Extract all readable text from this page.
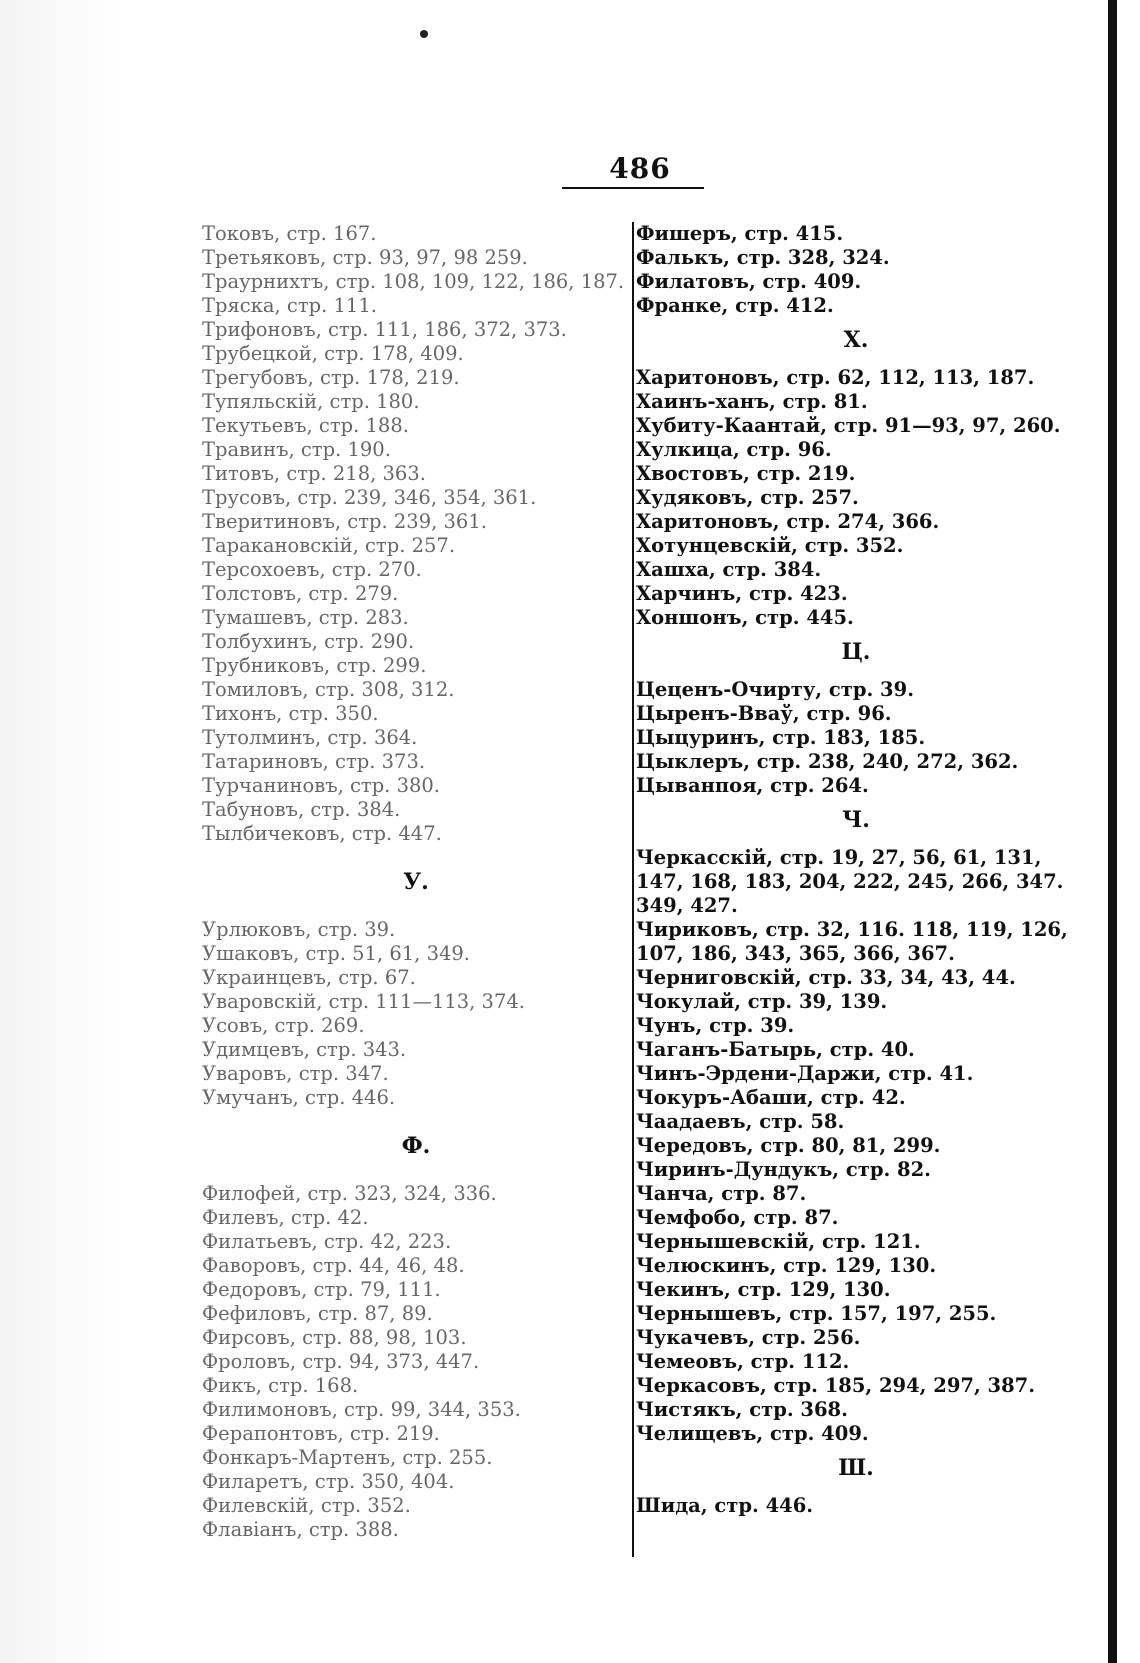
486
Токовъ, стр. 167.
Третьяковъ, стр. 93, 97, 98 259.
Траурнихтъ, стр. 108, 109, 122, 186, 187.
Тряска, стр. 111.
Трифоновъ, стр. 111, 186, 372, 373.
Трубецкой, стр. 178, 409.
Трегубовъ, стр. 178, 219.
Тупяльскій, стр. 180.
Текутьевъ, стр. 188.
Травинъ, стр. 190.
Титовъ, стр. 218, 363.
Трусовъ, стр. 239, 346, 354, 361.
Тверитиновъ, стр. 239, 361.
Таракановскій, стр. 257.
Терсохоевъ, стр. 270.
Толстовъ, стр. 279.
Тумашевъ, стр. 283.
Толбухинъ, стр. 290.
Трубниковъ, стр. 299.
Томиловъ, стр. 308, 312.
Тихонъ, стр. 350.
Тутолминъ, стр. 364.
Татариновъ, стр. 373.
Турчаниновъ, стр. 380.
Табуновъ, стр. 384.
Тылбичековъ, стр. 447.
У.
Урлюковъ, стр. 39.
Ушаковъ, стр. 51, 61, 349.
Украинцевъ, стр. 67.
Уваровскій, стр. 111—113, 374.
Усовъ, стр. 269.
Удимцевъ, стр. 343.
Уваровъ, стр. 347.
Умучанъ, стр. 446.
Ф.
Филофей, стр. 323, 324, 336.
Филевъ, стр. 42.
Филатьевъ, стр. 42, 223.
Фаворовъ, стр. 44, 46, 48.
Федоровъ, стр. 79, 111.
Фефиловъ, стр. 87, 89.
Фирсовъ, стр. 88, 98, 103.
Фроловъ, стр. 94, 373, 447.
Фикъ, стр. 168.
Филимоновъ, стр. 99, 344, 353.
Ферапонтовъ, стр. 219.
Фонкаръ-Мартенъ, стр. 255.
Филаретъ, стр. 350, 404.
Филевскій, стр. 352.
Флавіанъ, стр. 388.
Фишеръ, стр. 415.
Фалькъ, стр. 328, 324.
Филатовъ, стр. 409.
Франке, стр. 412.
Х.
Харитоновъ, стр. 62, 112, 113, 187.
Хаинъ-ханъ, стр. 81.
Хубиту-Каантай, стр. 91—93, 97, 260.
Хулкица, стр. 96.
Хвостовъ, стр. 219.
Худяковъ, стр. 257.
Харитоновъ, стр. 274, 366.
Хотунцевскій, стр. 352.
Хашха, стр. 384.
Харчинъ, стр. 423.
Хоншонъ, стр. 445.
Ц.
Цеценъ-Очирту, стр. 39.
Цыренъ-Вваў, стр. 96.
Цыцуринъ, стр. 183, 185.
Цыклеръ, стр. 238, 240, 272, 362.
Цыванпоя, стр. 264.
Ч.
Черкасскій, стр. 19, 27, 56, 61, 131, 147, 168, 183, 204, 222, 245, 266, 347. 349, 427.
Чириковъ, стр. 32, 116. 118, 119, 126, 107, 186, 343, 365, 366, 367.
Черниговскій, стр. 33, 34, 43, 44.
Чокулай, стр. 39, 139.
Чунъ, стр. 39.
Чаганъ-Батырь, стр. 40.
Чинъ-Эрдени-Даржи, стр. 41.
Чокуръ-Абаши, стр. 42.
Чаадаевъ, стр. 58.
Чередовъ, стр. 80, 81, 299.
Чиринъ-Дундукъ, стр. 82.
Чанча, стр. 87.
Чемфобо, стр. 87.
Чернышевскій, стр. 121.
Челюскинъ, стр. 129, 130.
Чекинъ, стр. 129, 130.
Чернышевъ, стр. 157, 197, 255.
Чукачевъ, стр. 256.
Чемеовъ, стр. 112.
Черкасовъ, стр. 185, 294, 297, 387.
Чистякъ, стр. 368.
Челищевъ, стр. 409.
Ш.
Шида, стр. 446.
